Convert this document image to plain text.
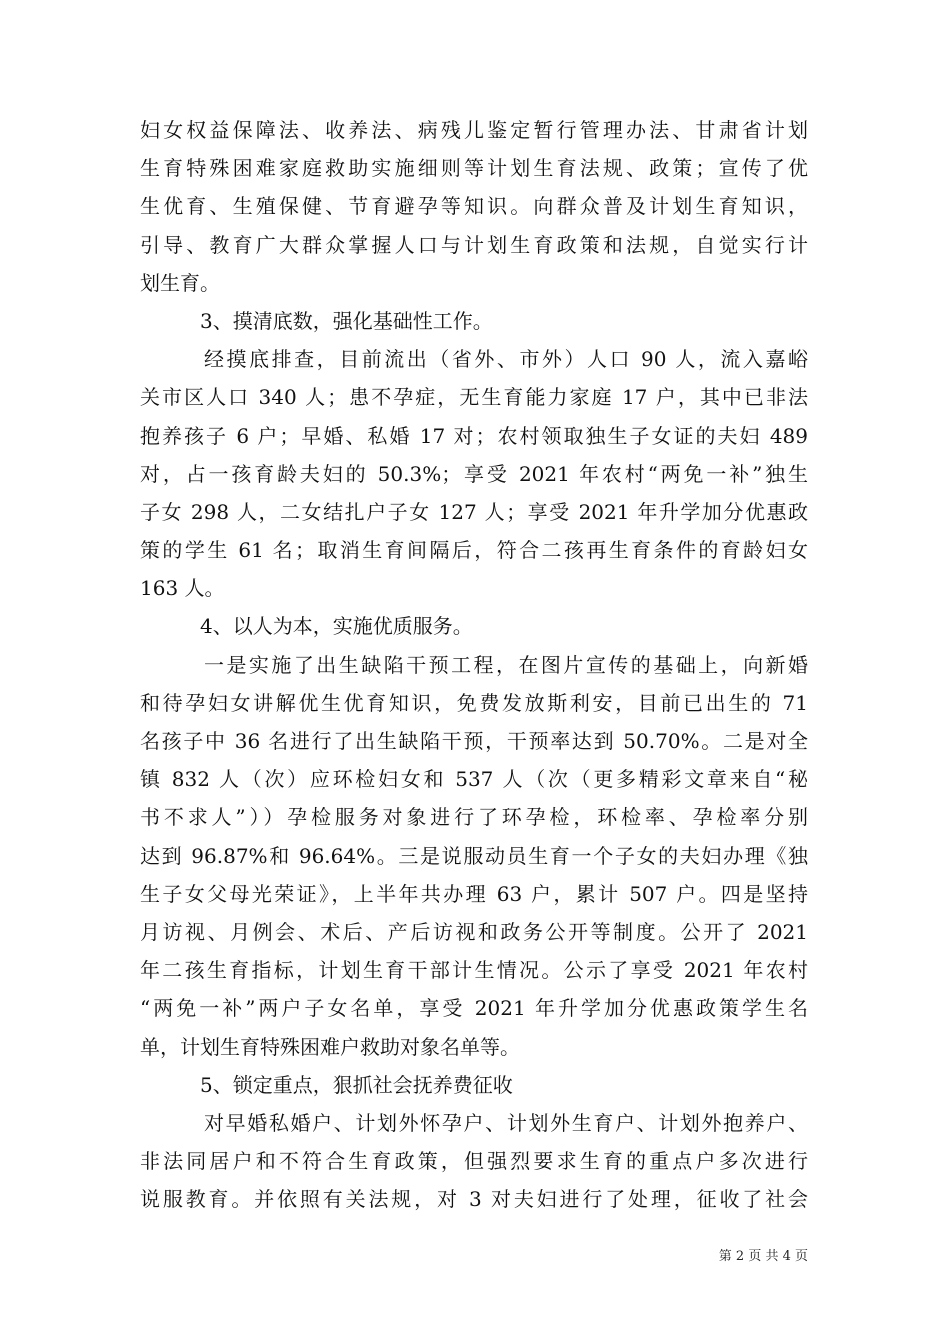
妇女权益保障法、收养法、病残儿鉴定暂行管理办法、甘肃省计划
生育特殊困难家庭救助实施细则等计划生育法规、政策；宣传了优
生优育、生殖保健、节育避孕等知识。向群众普及计划生育知识，
引导、教育广大群众掌握人口与计划生育政策和法规，自觉实行计
划生育。
3、摸清底数，强化基础性工作。
经摸底排查，目前流出（省外、市外）人口 90 人，流入嘉峪
关市区人口 340 人；患不孕症，无生育能力家庭 17 户，其中已非法
抱养孩子 6 户；早婚、私婚 17 对；农村领取独生子女证的夫妇 489
对，占一孩育龄夫妇的 50.3%；享受 2021 年农村“两免一补”独生
子女 298 人，二女结扎户子女 127 人；享受 2021 年升学加分优惠政
策的学生 61 名；取消生育间隔后，符合二孩再生育条件的育龄妇女
163 人。
4、以人为本，实施优质服务。
一是实施了出生缺陷干预工程，在图片宣传的基础上，向新婚
和待孕妇女讲解优生优育知识，免费发放斯利安，目前已出生的 71
名孩子中 36 名进行了出生缺陷干预，干预率达到 50.70%。二是对全
镇 832 人（次）应环检妇女和 537 人（次（更多精彩文章来自“秘
书不求人”））孕检服务对象进行了环孕检，环检率、孕检率分别
达到 96.87%和 96.64%。三是说服动员生育一个子女的夫妇办理《独
生子女父母光荣证》，上半年共办理 63 户，累计 507 户。四是坚持
月访视、月例会、术后、产后访视和政务公开等制度。公开了 2021
年二孩生育指标，计划生育干部计生情况。公示了享受 2021 年农村
“两免一补”两户子女名单，享受 2021 年升学加分优惠政策学生名
单，计划生育特殊困难户救助对象名单等。
5、锁定重点，狠抓社会抚养费征收
对早婚私婚户、计划外怀孕户、计划外生育户、计划外抱养户、
非法同居户和不符合生育政策，但强烈要求生育的重点户多次进行
说服教育。并依照有关法规，对 3 对夫妇进行了处理，征收了社会
第 2 页 共 4 页
